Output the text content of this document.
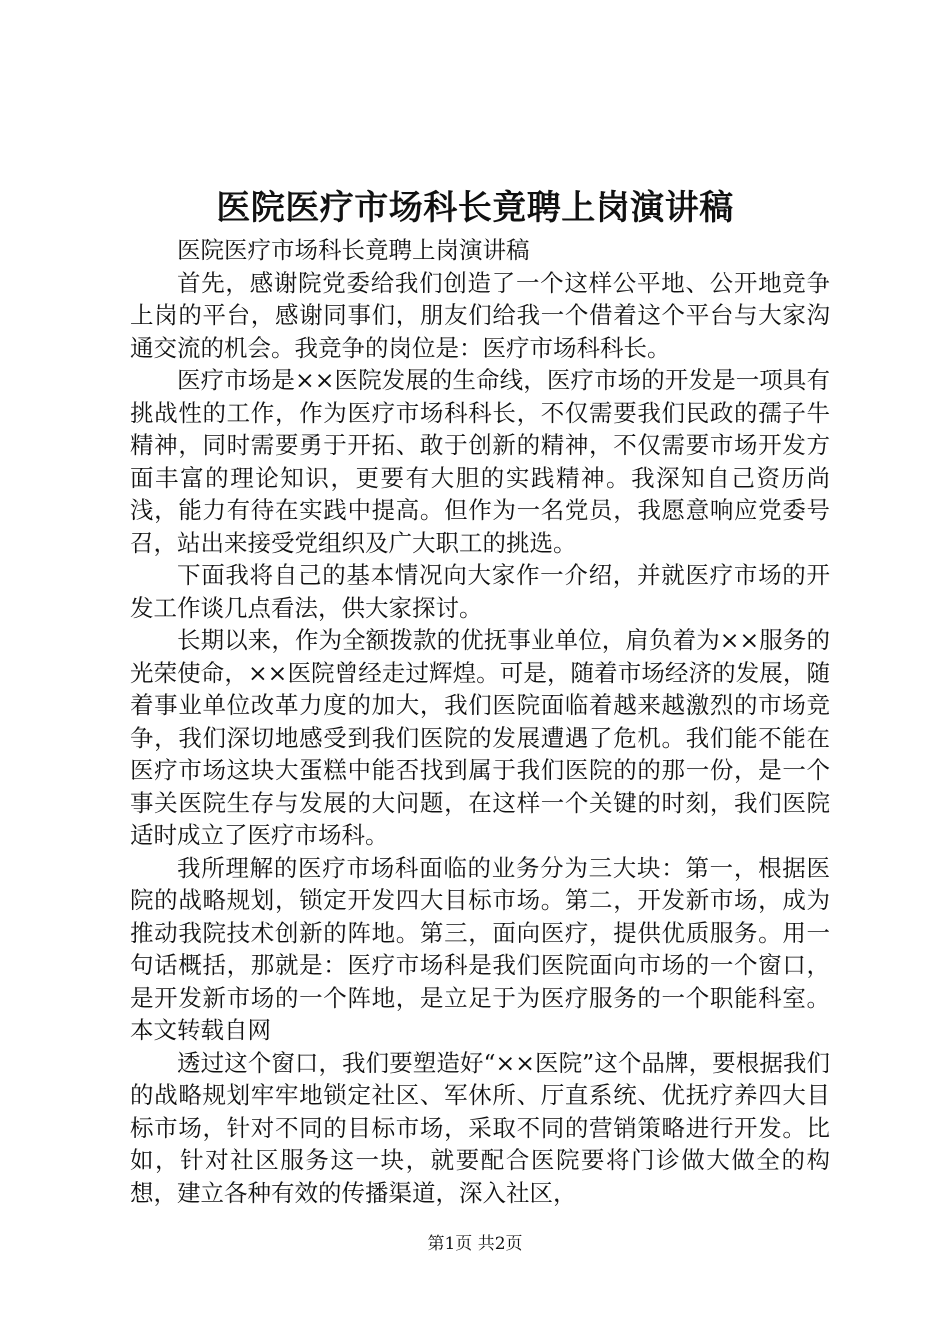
医院医疗市场科长竟聘上岗演讲稿

医院医疗市场科长竟聘上岗演讲稿

首先，感谢院党委给我们创造了一个这样公平地、公开地竞争上岗的平台，感谢同事们，朋友们给我一个借着这个平台与大家沟通交流的机会。我竞争的岗位是：医疗市场科科长。

医疗市场是××医院发展的生命线，医疗市场的开发是一项具有挑战性的工作，作为医疗市场科科长，不仅需要我们民政的孺子牛精神，同时需要勇于开拓、敢于创新的精神，不仅需要市场开发方面丰富的理论知识，更要有大胆的实践精神。我深知自己资历尚浅，能力有待在实践中提高。但作为一名党员，我愿意响应党委号召，站出来接受党组织及广大职工的挑选。

下面我将自己的基本情况向大家作一介绍，并就医疗市场的开发工作谈几点看法，供大家探讨。

长期以来，作为全额拨款的优抚事业单位，肩负着为××服务的光荣使命，××医院曾经走过辉煌。可是，随着市场经济的发展，随着事业单位改革力度的加大，我们医院面临着越来越激烈的市场竞争，我们深切地感受到我们医院的发展遭遇了危机。我们能不能在医疗市场这块大蛋糕中能否找到属于我们医院的的那一份，是一个事关医院生存与发展的大问题，在这样一个关键的时刻，我们医院适时成立了医疗市场科。

我所理解的医疗市场科面临的业务分为三大块：第一，根据医院的战略规划，锁定开发四大目标市场。第二，开发新市场，成为推动我院技术创新的阵地。第三，面向医疗，提供优质服务。用一句话概括，那就是：医疗市场科是我们医院面向市场的一个窗口，是开发新市场的一个阵地，是立足于为医疗服务的一个职能科室。本文转载自网

透过这个窗口，我们要塑造好“××医院”这个品牌，要根据我们的战略规划牢牢地锁定社区、军休所、厅直系统、优抚疗养四大目标市场，针对不同的目标市场，采取不同的营销策略进行开发。比如，针对社区服务这一块，就要配合医院要将门诊做大做全的构想，建立各种有效的传播渠道，深入社区，

第1页 共2页
